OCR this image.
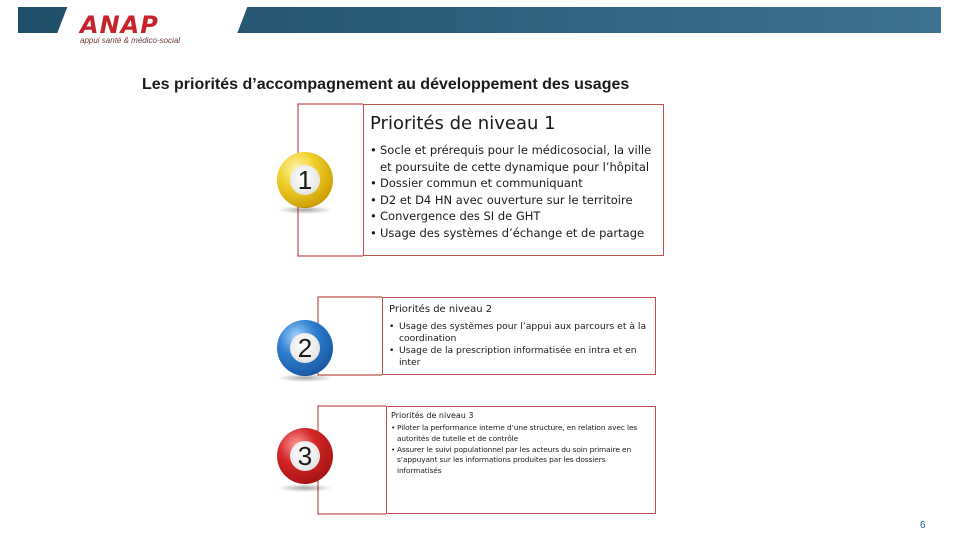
ANAP
appui santé & médico-social
Les priorités d’accompagnement au développement des usages
1
2
3
Priorités de niveau 1
• Socle et prérequis pour le médicosocial, la ville et poursuite de cette dynamique pour l’hôpital
• Dossier commun et communiquant
• D2 et D4 HN avec ouverture sur le territoire
• Convergence des SI de GHT
• Usage des systèmes d’échange et de partage
Priorités de niveau 2
• Usage des systèmes pour l’appui aux parcours et à la coordination
• Usage de la prescription informatisée en intra et en inter
Priorités de niveau 3
• Piloter la performance interne d’une structure, en relation avec les autorités de tutelle et de contrôle
• Assurer le suivi populationnel par les acteurs du soin primaire en s’appuyant sur les informations produites par les dossiers informatisés
6
